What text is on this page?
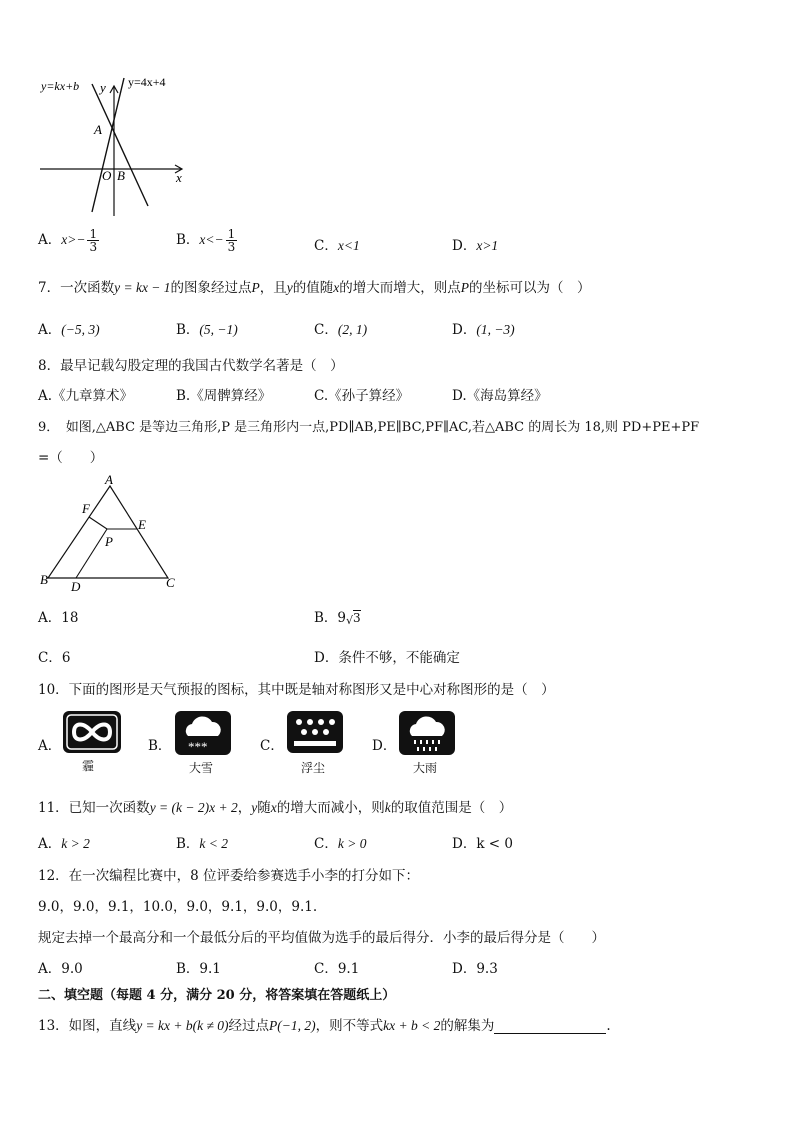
y=kx+b y y=4x+4
A
O B	x
A．$x>- \frac{1}{3}$	B．$x<- \frac{1}{3}$	C．x<1	D．x>1
7．一次函数y = kx − 1的图象经过点P，且y的值随x的增大而增大，则点P的坐标可以为（　）
A．(−5, 3)	B．(5, −1)	C．(2, 1)	D．(1, −3)
8．最早记载勾股定理的我国古代数学名著是（　）
A.《九章算术》	B.《周髀算经》	C.《孙子算经》	D.《海岛算经》
9．　如图,△ABC 是等边三角形,P 是三角形内一点,PD∥AB,PE∥BC,PF∥AC,若△ABC 的周长为 18,则 PD+PE+PF
=（　　）
A
B	C
D
E
F
P
A．18	B．9√3
C．6	D．条件不够，不能确定
10．下面的图形是天气预报的图标，其中既是轴对称图形又是中心对称图形的是（　）
A．
霾
B． ***
大雪
C．
浮尘
D．
大雨
11．已知一次函数y = (k − 2)x + 2，y随x的增大而减小，则k的取值范围是（　）
A．k > 2	B．k < 2	C．k > 0	D．k < 0
12．在一次编程比赛中，8 位评委给参赛选手小李的打分如下：
9.0，9.0，9.1，10.0，9.0，9.1，9.0，9.1.
规定去掉一个最高分和一个最低分后的平均值做为选手的最后得分．小李的最后得分是（　　）
A．9.0	B．9.1	C．9.1	D．9.3
二、填空题（每题 4 分，满分 20 分，将答案填在答题纸上）
13．如图，直线y = kx + b(k ≠ 0)经过点P(−1, 2)，则不等式kx + b < 2的解集为	.
